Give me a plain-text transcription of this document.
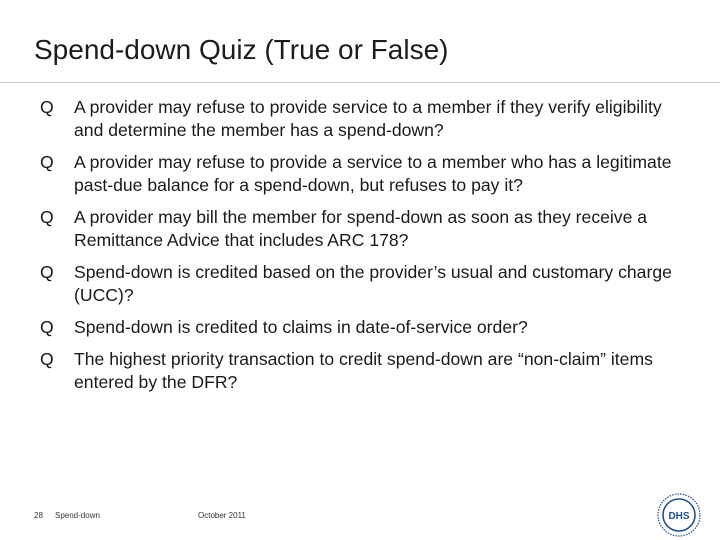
Spend-down Quiz (True or False)
Q A provider may refuse to provide service to a member if they verify eligibility and determine the member has a spend-down?
Q A provider may refuse to provide a service to a member who has a legitimate past-due balance for a spend-down, but refuses to pay it?
Q A provider may bill the member for spend-down as soon as they receive a Remittance Advice that includes ARC 178?
Q Spend-down is credited based on the provider’s usual and customary charge (UCC)?
Q Spend-down is credited to claims in date-of-service order?
Q The highest priority transaction to credit spend-down are “non-claim” items entered by the DFR?
28 Spend-down	October 2011	DHS
